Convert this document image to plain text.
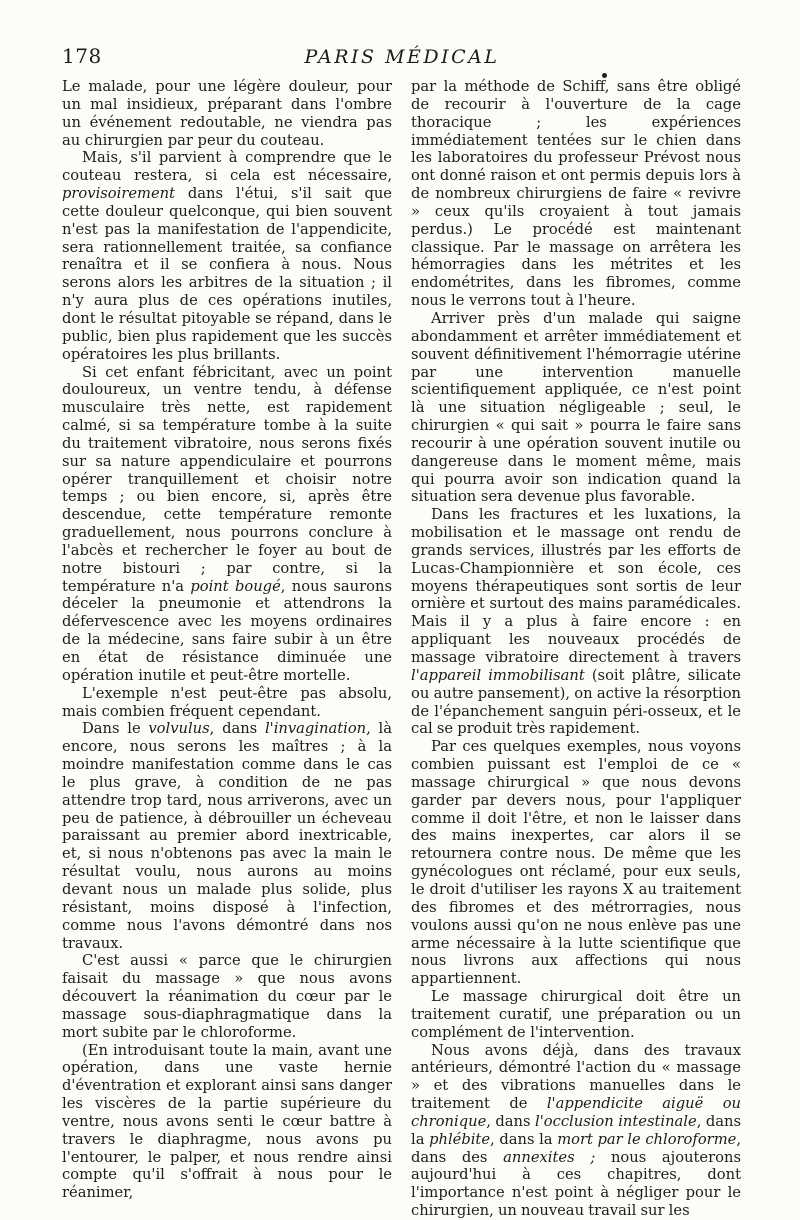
178	PARIS MÉDICAL

Le malade, pour une légère douleur, pour un mal insidieux, préparant dans l'ombre un événement redoutable, ne viendra pas au chirurgien par peur du couteau.

Mais, s'il parvient à comprendre que le couteau restera, si cela est nécessaire, provisoirement dans l'étui, s'il sait que cette douleur quelconque, qui bien souvent n'est pas la manifestation de l'appendicite, sera rationnellement traitée, sa confiance renaîtra et il se confiera à nous. Nous serons alors les arbitres de la situation ; il n'y aura plus de ces opérations inutiles, dont le résultat pitoyable se répand, dans le public, bien plus rapidement que les succès opératoires les plus brillants.

Si cet enfant fébricitant, avec un point douloureux, un ventre tendu, à défense musculaire très nette, est rapidement calmé, si sa température tombe à la suite du traitement vibratoire, nous serons fixés sur sa nature appendiculaire et pourrons opérer tranquillement et choisir notre temps ; ou bien encore, si, après être descendue, cette température remonte graduellement, nous pourrons conclure à l'abcès et rechercher le foyer au bout de notre bistouri ; par contre, si la température n'a point bougé, nous saurons déceler la pneumonie et attendrons la défervescence avec les moyens ordinaires de la médecine, sans faire subir à un être en état de résistance diminuée une opération inutile et peut-être mortelle.

L'exemple n'est peut-être pas absolu, mais combien fréquent cependant.

Dans le volvulus, dans l'invagination, là encore, nous serons les maîtres ; à la moindre manifestation comme dans le cas le plus grave, à condition de ne pas attendre trop tard, nous arriverons, avec un peu de patience, à débrouiller un écheveau paraissant au premier abord inextricable, et, si nous n'obtenons pas avec la main le résultat voulu, nous aurons au moins devant nous un malade plus solide, plus résistant, moins disposé à l'infection, comme nous l'avons démontré dans nos travaux.

C'est aussi « parce que le chirurgien faisait du massage » que nous avons découvert la réanimation du cœur par le massage sous-diaphragmatique dans la mort subite par le chloroforme.

(En introduisant toute la main, avant une opération, dans une vaste hernie d'éventration et explorant ainsi sans danger les viscères de la partie supérieure du ventre, nous avons senti le cœur battre à travers le diaphragme, nous avons pu l'entourer, le palper, et nous rendre ainsi compte qu'il s'offrait à nous pour le réanimer,

par la méthode de Schiff, sans être obligé de recourir à l'ouverture de la cage thoracique ; les expériences immédiatement tentées sur le chien dans les laboratoires du professeur Prévost nous ont donné raison et ont permis depuis lors à de nombreux chirurgiens de faire « revivre » ceux qu'ils croyaient à tout jamais perdus.) Le procédé est maintenant classique. Par le massage on arrêtera les hémorragies dans les métrites et les endométrites, dans les fibromes, comme nous le verrons tout à l'heure.

Arriver près d'un malade qui saigne abondamment et arrêter immédiatement et souvent définitivement l'hémorragie utérine par une intervention manuelle scientifiquement appliquée, ce n'est point là une situation négligeable ; seul, le chirurgien « qui sait » pourra le faire sans recourir à une opération souvent inutile ou dangereuse dans le moment même, mais qui pourra avoir son indication quand la situation sera devenue plus favorable.

Dans les fractures et les luxations, la mobilisation et le massage ont rendu de grands services, illustrés par les efforts de Lucas-Championnière et son école, ces moyens thérapeutiques sont sortis de leur ornière et surtout des mains paramédicales. Mais il y a plus à faire encore : en appliquant les nouveaux procédés de massage vibratoire directement à travers l'appareil immobilisant (soit plâtre, silicate ou autre pansement), on active la résorption de l'épanchement sanguin péri-osseux, et le cal se produit très rapidement.

Par ces quelques exemples, nous voyons combien puissant est l'emploi de ce « massage chirurgical » que nous devons garder par devers nous, pour l'appliquer comme il doit l'être, et non le laisser dans des mains inexpertes, car alors il se retournera contre nous. De même que les gynécologues ont réclamé, pour eux seuls, le droit d'utiliser les rayons X au traitement des fibromes et des métrorragies, nous voulons aussi qu'on ne nous enlève pas une arme nécessaire à la lutte scientifique que nous livrons aux affections qui nous appartiennent.

Le massage chirurgical doit être un traitement curatif, une préparation ou un complément de l'intervention.

Nous avons déjà, dans des travaux antérieurs, démontré l'action du « massage » et des vibrations manuelles dans le traitement de l'appendicite aiguë ou chronique, dans l'occlusion intestinale, dans la phlébite, dans la mort par le chloroforme, dans des annexites ; nous ajouterons aujourd'hui à ces chapitres, dont l'importance n'est point à négliger pour le chirurgien, un nouveau travail sur les
